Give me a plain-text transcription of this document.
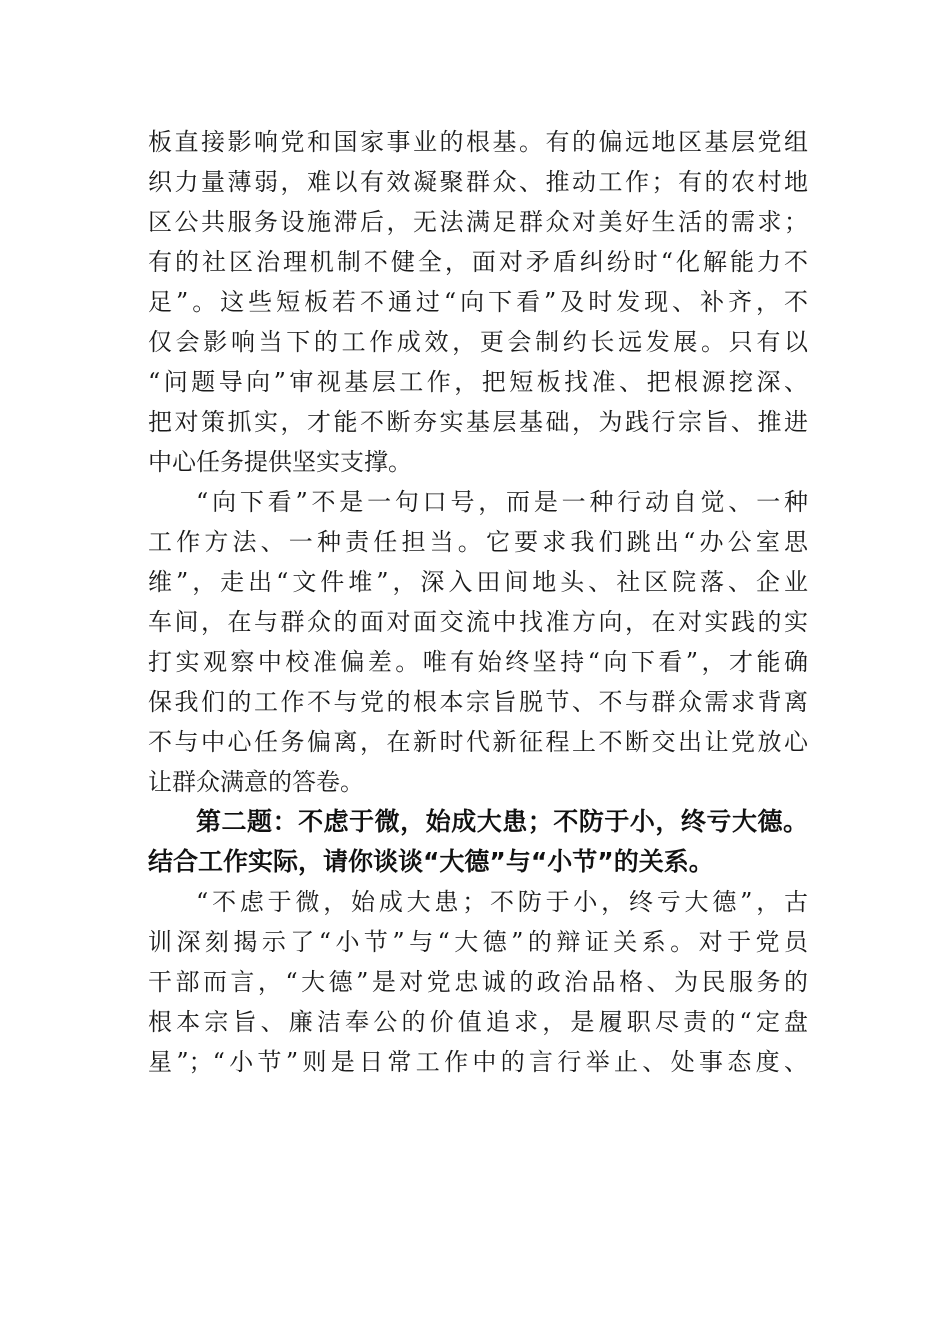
板直接影响党和国家事业的根基。有的偏远地区基层党组
织力量薄弱，难以有效凝聚群众、推动工作；有的农村地
区公共服务设施滞后，无法满足群众对美好生活的需求；
有的社区治理机制不健全，面对矛盾纠纷时“化解能力不
足”。这些短板若不通过“向下看”及时发现、补齐，不
仅会影响当下的工作成效，更会制约长远发展。只有以
“问题导向”审视基层工作，把短板找准、把根源挖深、
把对策抓实，才能不断夯实基层基础，为践行宗旨、推进
中心任务提供坚实支撑。
“向下看”不是一句口号，而是一种行动自觉、一种
工作方法、一种责任担当。它要求我们跳出“办公室思
维”，走出“文件堆”，深入田间地头、社区院落、企业
车间，在与群众的面对面交流中找准方向，在对实践的实
打实观察中校准偏差。唯有始终坚持“向下看”，才能确
保我们的工作不与党的根本宗旨脱节、不与群众需求背离
不与中心任务偏离，在新时代新征程上不断交出让党放心
让群众满意的答卷。
第二题：不虑于微，始成大患；不防于小，终亏大德。
结合工作实际，请你谈谈“大德”与“小节”的关系。
“不虑于微，始成大患；不防于小，终亏大德”，古
训深刻揭示了“小节”与“大德”的辩证关系。对于党员
干部而言，“大德”是对党忠诚的政治品格、为民服务的
根本宗旨、廉洁奉公的价值追求，是履职尽责的“定盘
星”；“小节”则是日常工作中的言行举止、处事态度、
